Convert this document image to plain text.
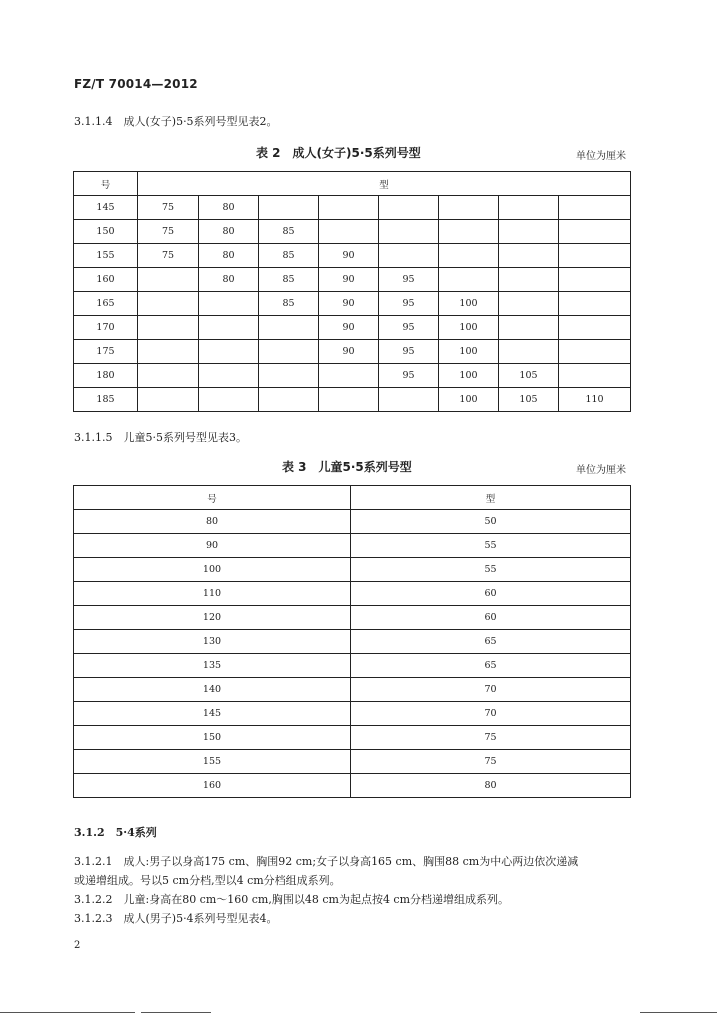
FZ/T 70014—2012
3.1.1.4　成人(女子)5·5系列号型见表2。
表 2　成人(女子)5·5系列号型	单位为厘米
号	型							
145	75	80						
150	75	80	85					
155	75	80	85	90				
160		80	85	90	95			
165			85	90	95	100		
170				90	95	100		
175				90	95	100		
180					95	100	105	
185						100	105	110
3.1.1.5　儿童5·5系列号型见表3。
表 3　儿童5·5系列号型	单位为厘米
号	型
80	50
90	55
100	55
110	60
120	60
130	65
135	65
140	70
145	70
150	75
155	75
160	80
3.1.2　5·4系列
3.1.2.1　成人:男子以身高175 cm、胸围92 cm;女子以身高165 cm、胸围88 cm为中心两边依次递减
或递增组成。号以5 cm分档,型以4 cm分档组成系列。
3.1.2.2　儿童:身高在80 cm～160 cm,胸围以48 cm为起点按4 cm分档递增组成系列。
3.1.2.3　成人(男子)5·4系列号型见表4。
2
